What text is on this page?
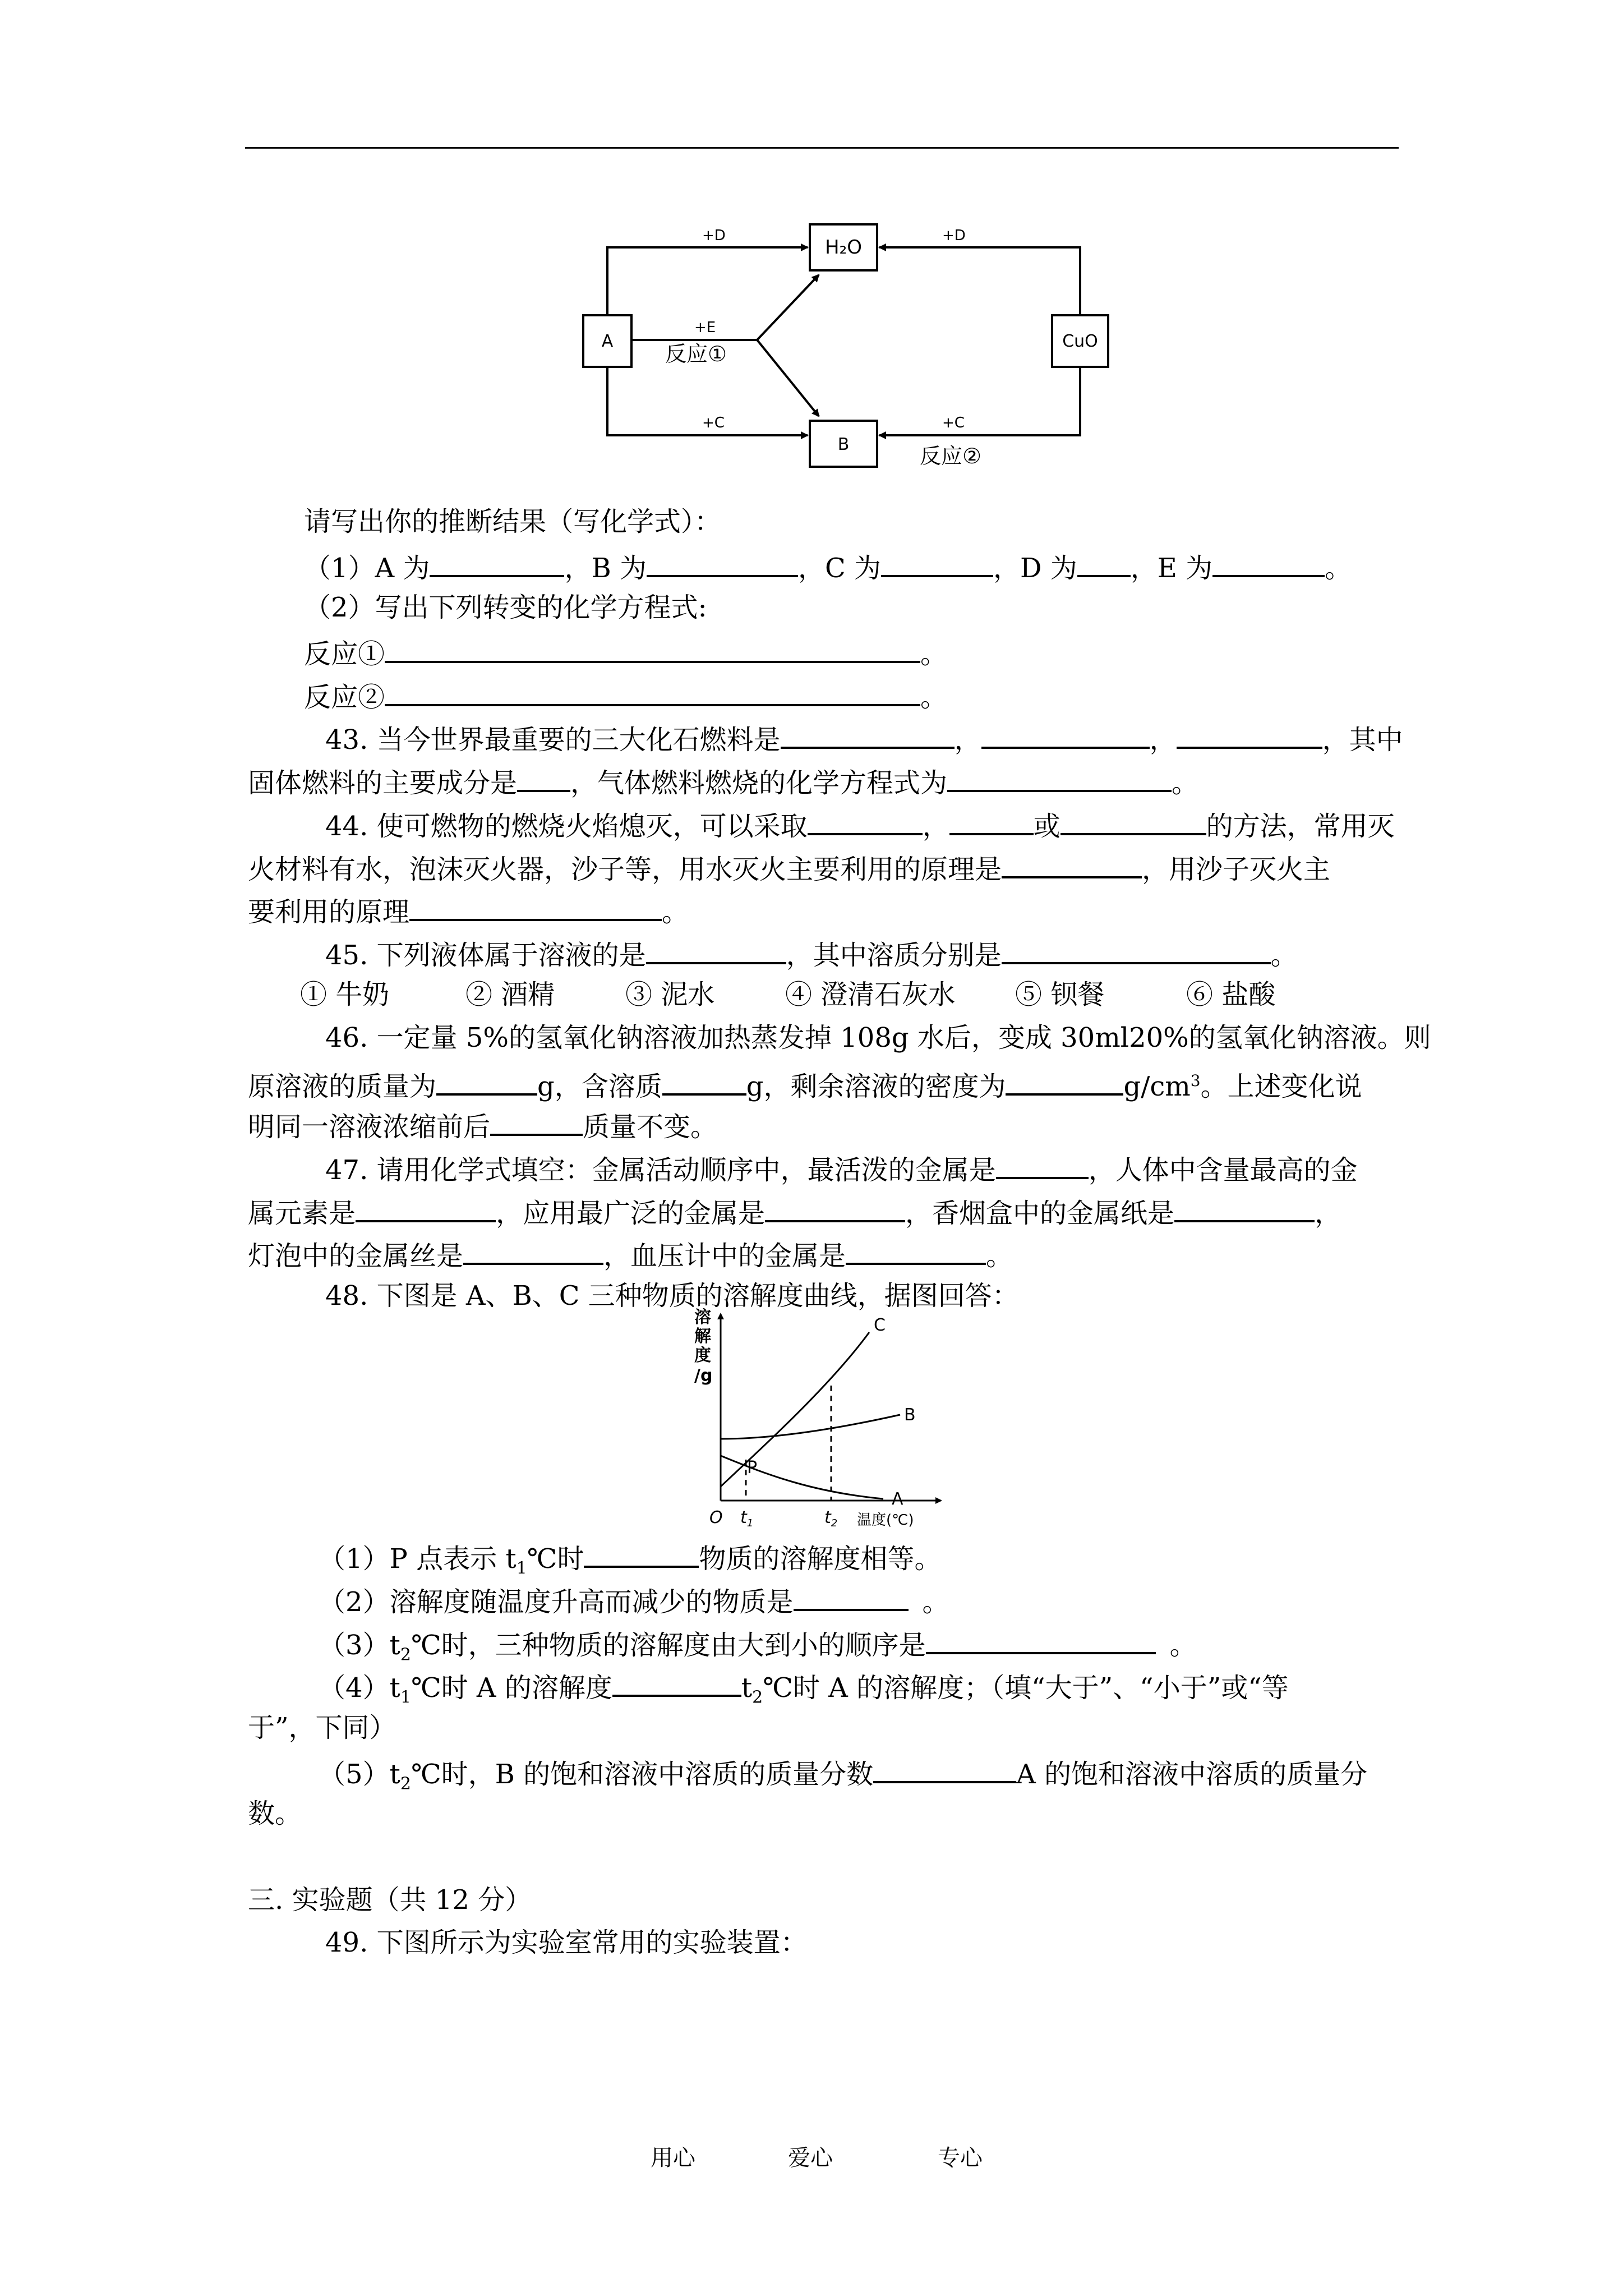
A
H₂O
B
CuO
+D	+D
+E
反应①
+C	+C
反应②
请写出你的推断结果（写化学式）：
（1）A 为	，B 为	，C 为	，D 为 ，E 为	。
（2）写出下列转变的化学方程式:
反应①	。
反应②	。
43. 当今世界最重要的三大化石燃料是	，	，	，其中
固体燃料的主要成分是 ，气体燃料燃烧的化学方程式为	。
44. 使可燃物的燃烧火焰熄灭，可以采取	，	或	的方法，常用灭
火材料有水，泡沫灭火器，沙子等，用水灭火主要利用的原理是	，用沙子灭火主
要利用的原理	。
45. 下列液体属于溶液的是	，其中溶质分别是	。
① 牛奶	② 酒精	③ 泥水	④ 澄清石灰水 ⑤ 钡餐	⑥ 盐酸
46. 一定量 5%的氢氧化钠溶液加热蒸发掉 108g 水后，变成 30ml20%的氢氧化钠溶液。则
原溶液的质量为	g，含溶质	g，剩余溶液的密度为	$g/cm^3$。上述变化说
明同一溶液浓缩前后	质量不变。
47. 请用化学式填空：金属活动顺序中，最活泼的金属是	，人体中含量最高的金
属元素是	，应用最广泛的金属是	，香烟盒中的金属纸是	，
灯泡中的金属丝是	，血压计中的金属是	。
48. 下图是 A、B、C 三种物质的溶解度曲线，据图回答：
溶
解
度
/g
C
B
A
P
O $t_1$	$t_2$ 温度(℃)
（1）P 点表示 $t_1℃$时	物质的溶解度相等。
（2）溶解度随温度升高而减少的物质是	。
$(3)t_2℃$时，三种物质的溶解度由大到小的顺序是	。
$(4)t_1℃$时 A 的溶解度	$t_2℃$时 A 的溶解度；（填“大于”、“小于”或“等
于”，下同）
$(5)t_2℃$时，B 的饱和溶液中溶质的质量分数	A 的饱和溶液中溶质的质量分
数。
三. 实验题（共 12 分）
49. 下图所示为实验室常用的实验装置：
用心	爱心	专心
